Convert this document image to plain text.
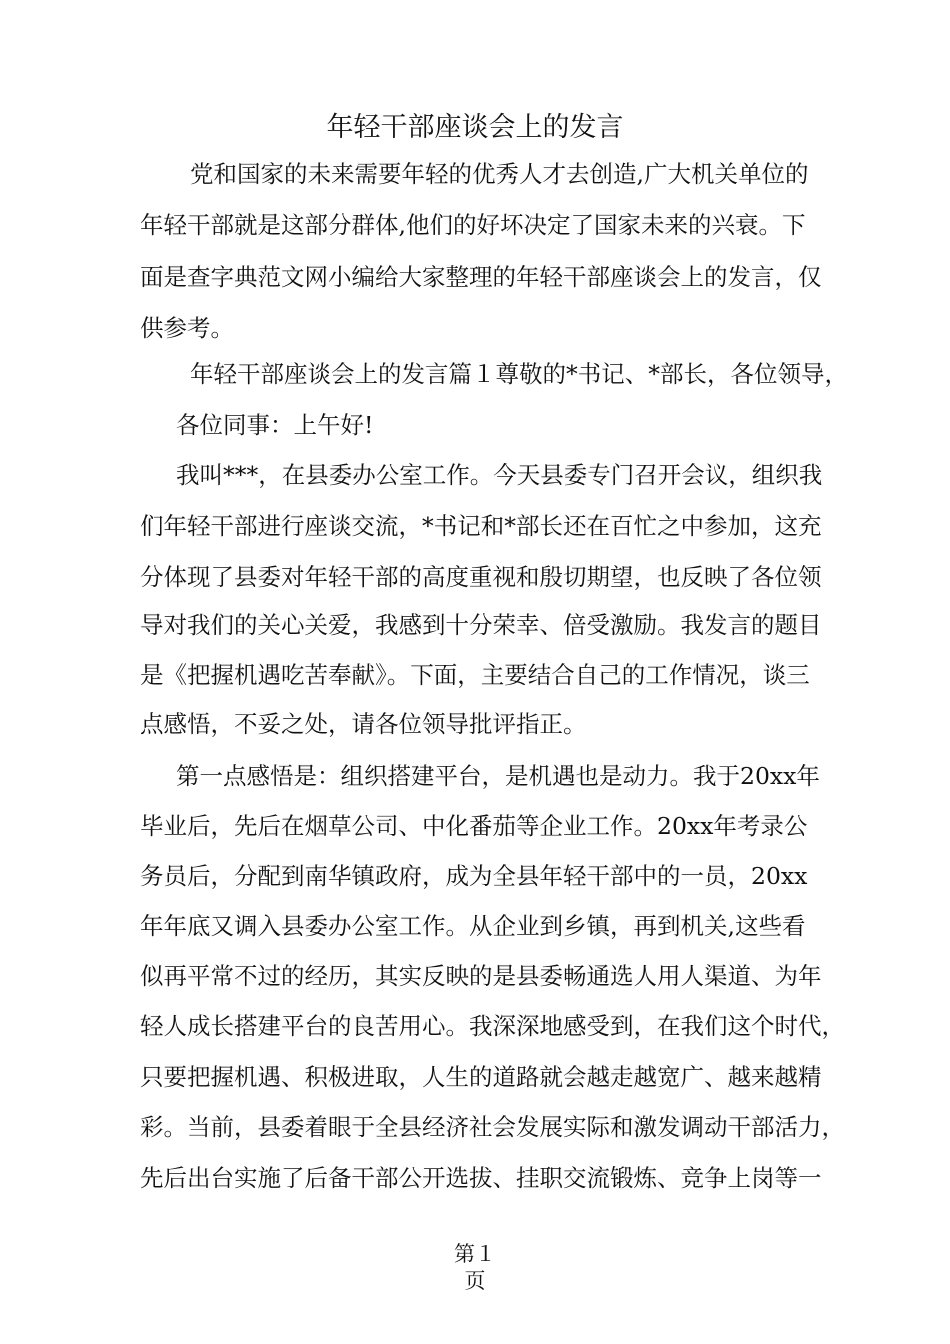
年轻干部座谈会上的发言
党和国家的未来需要年轻的优秀人才去创造,广大机关单位的
年轻干部就是这部分群体,他们的好坏决定了国家未来的兴衰。下
面是查字典范文网小编给大家整理的年轻干部座谈会上的发言，仅
供参考。
年轻干部座谈会上的发言篇１尊敬的*书记、*部长，各位领导，
各位同事：上午好!
我叫***，在县委办公室工作。今天县委专门召开会议，组织我
们年轻干部进行座谈交流，*书记和*部长还在百忙之中参加，这充
分体现了县委对年轻干部的高度重视和殷切期望，也反映了各位领
导对我们的关心关爱，我感到十分荣幸、倍受激励。我发言的题目
是《把握机遇吃苦奉献》。下面，主要结合自己的工作情况，谈三
点感悟，不妥之处，请各位领导批评指正。
第一点感悟是：组织搭建平台，是机遇也是动力。我于20xx年
毕业后，先后在烟草公司、中化番茄等企业工作。20xx年考录公
务员后，分配到南华镇政府，成为全县年轻干部中的一员，20xx
年年底又调入县委办公室工作。从企业到乡镇，再到机关,这些看
似再平常不过的经历，其实反映的是县委畅通选人用人渠道、为年
轻人成长搭建平台的良苦用心。我深深地感受到，在我们这个时代，
只要把握机遇、积极进取，人生的道路就会越走越宽广、越来越精
彩。当前，县委着眼于全县经济社会发展实际和激发调动干部活力，
先后出台实施了后备干部公开选拔、挂职交流锻炼、竞争上岗等一
第１
页
